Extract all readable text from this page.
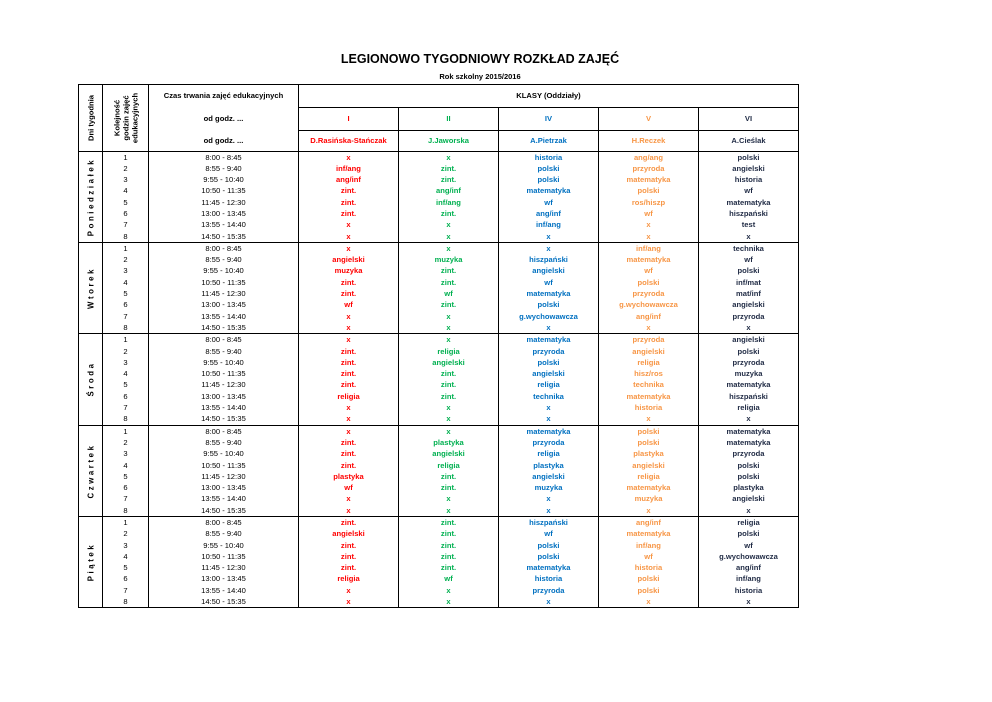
LEGIONOWO TYGODNIOWY ROZKŁAD ZAJĘĆ
Rok szkolny 2015/2016
Dni tygodnia	Kolejność godzin zajęć edukacyjnych	Czas trwania zajęć edukacyjnych	KLASY (Oddziały)				
		od godz. ...	I	II	IV	V	VI
		od godz. ...	D.Rasińska-Stańczak	J.Jaworska	A.Pietrzak	H.Reczek	A.Cieślak

Poniedziałek	1	8:00 - 8:45	x	x	historia	ang/ang	polski
	2	8:55 - 9:40	inf/ang	zint.	polski	przyroda	angielski
	3	9:55 - 10:40	ang/inf	zint.	polski	matematyka	historia
	4	10:50 - 11:35	zint.	ang/inf	matematyka	polski	wf
	5	11:45 - 12:30	zint.	inf/ang	wf	ros/hiszp	matematyka
	6	13:00 - 13:45	zint.	zint.	ang/inf	wf	hiszpański
	7	13:55 - 14:40	x	x	inf/ang	x	test
	8	14:50 - 15:35	x	x	x	x	x

Wtorek	1	8:00 - 8:45	x	x	x	inf/ang	technika
	2	8:55 - 9:40	angielski	muzyka	hiszpański	matematyka	wf
	3	9:55 - 10:40	muzyka	zint.	angielski	wf	polski
	4	10:50 - 11:35	zint.	zint.	wf	polski	inf/mat
	5	11:45 - 12:30	zint.	wf	matematyka	przyroda	mat/inf
	6	13:00 - 13:45	wf	zint.	polski	g.wychowawcza	angielski
	7	13:55 - 14:40	x	x	g.wychowawcza	ang/inf	przyroda
	8	14:50 - 15:35	x	x	x	x	x

Środa	1	8:00 - 8:45	x	x	matematyka	przyroda	angielski
	2	8:55 - 9:40	zint.	religia	przyroda	angielski	polski
	3	9:55 - 10:40	zint.	angielski	polski	religia	przyroda
	4	10:50 - 11:35	zint.	zint.	angielski	hisz/ros	muzyka
	5	11:45 - 12:30	zint.	zint.	religia	technika	matematyka
	6	13:00 - 13:45	religia	zint.	technika	matematyka	hiszpański
	7	13:55 - 14:40	x	x	x	historia	religia
	8	14:50 - 15:35	x	x	x	x	x

Czwartek	1	8:00 - 8:45	x	x	matematyka	polski	matematyka
	2	8:55 - 9:40	zint.	plastyka	przyroda	polski	matematyka
	3	9:55 - 10:40	zint.	angielski	religia	plastyka	przyroda
	4	10:50 - 11:35	zint.	religia	plastyka	angielski	polski
	5	11:45 - 12:30	plastyka	zint.	angielski	religia	polski
	6	13:00 - 13:45	wf	zint.	muzyka	matematyka	plastyka
	7	13:55 - 14:40	x	x	x	muzyka	angielski
	8	14:50 - 15:35	x	x	x	x	x

Piątek	1	8:00 - 8:45	zint.	zint.	hiszpański	ang/inf	religia
	2	8:55 - 9:40	angielski	zint.	wf	matematyka	polski
	3	9:55 - 10:40	zint.	zint.	polski	inf/ang	wf
	4	10:50 - 11:35	zint.	zint.	polski	wf	g.wychowawcza
	5	11:45 - 12:30	zint.	zint.	matematyka	historia	ang/inf
	6	13:00 - 13:45	religia	wf	historia	polski	inf/ang
	7	13:55 - 14:40	x	x	przyroda	polski	historia
	8	14:50 - 15:35	x	x	x	x	x
